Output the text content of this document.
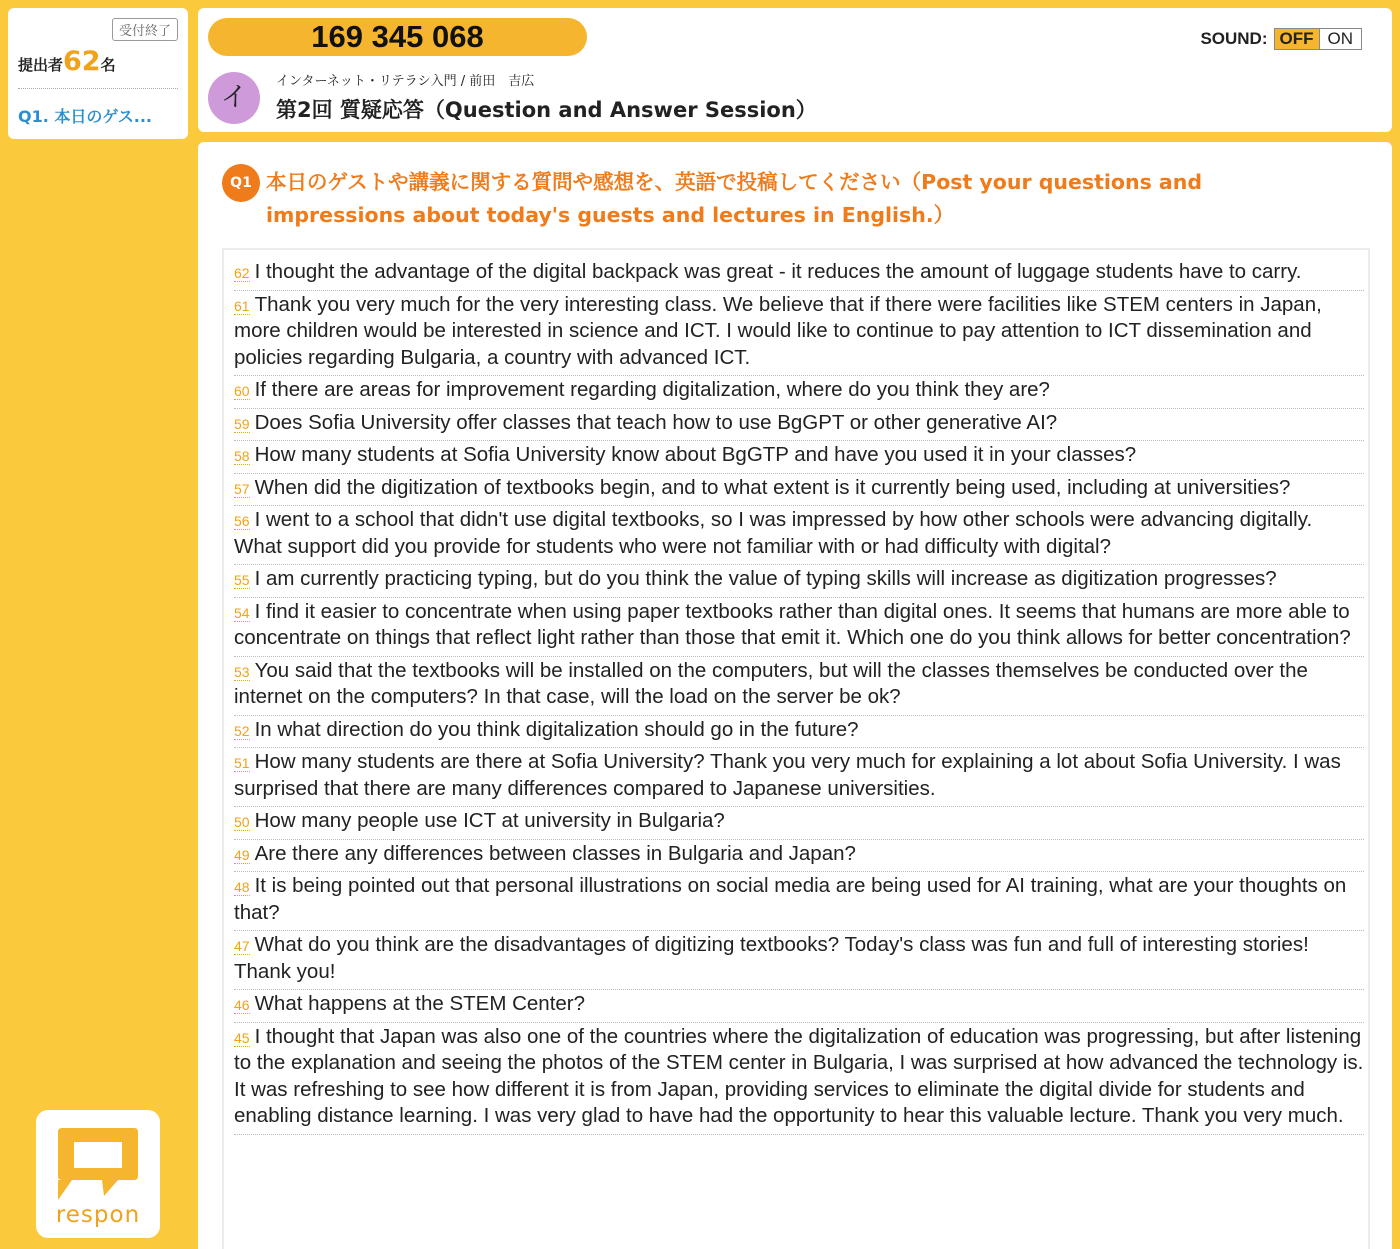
受付終了
提出者62名
Q1. 本日のゲス...
respon
169 345 068	SOUND: OFF ON
イ
インターネット・リテラシ入門 / 前田　吉広
第2回 質疑応答（Question and Answer Session）
Q1 本日のゲストや講義に関する質問や感想を、英語で投稿してください（Post your questions and impressions about today's guests and lectures in English.）
62 I thought the advantage of the digital backpack was great - it reduces the amount of luggage students have to carry.
61 Thank you very much for the very interesting class. We believe that if there were facilities like STEM centers in Japan, more children would be interested in science and ICT. I would like to continue to pay attention to ICT dissemination and policies regarding Bulgaria, a country with advanced ICT.
60 If there are areas for improvement regarding digitalization, where do you think they are?
59 Does Sofia University offer classes that teach how to use BgGPT or other generative AI?
58 How many students at Sofia University know about BgGTP and have you used it in your classes?
57 When did the digitization of textbooks begin, and to what extent is it currently being used, including at universities?
56 I went to a school that didn't use digital textbooks, so I was impressed by how other schools were advancing digitally. What support did you provide for students who were not familiar with or had difficulty with digital?
55 I am currently practicing typing, but do you think the value of typing skills will increase as digitization progresses?
54 I find it easier to concentrate when using paper textbooks rather than digital ones. It seems that humans are more able to concentrate on things that reflect light rather than those that emit it. Which one do you think allows for better concentration?
53 You said that the textbooks will be installed on the computers, but will the classes themselves be conducted over the internet on the computers? In that case, will the load on the server be ok?
52 In what direction do you think digitalization should go in the future?
51 How many students are there at Sofia University? Thank you very much for explaining a lot about Sofia University. I was surprised that there are many differences compared to Japanese universities.
50 How many people use ICT at university in Bulgaria?
49 Are there any differences between classes in Bulgaria and Japan?
48 It is being pointed out that personal illustrations on social media are being used for AI training, what are your thoughts on that?
47 What do you think are the disadvantages of digitizing textbooks? Today's class was fun and full of interesting stories! Thank you!
46 What happens at the STEM Center?
45 I thought that Japan was also one of the countries where the digitalization of education was progressing, but after listening to the explanation and seeing the photos of the STEM center in Bulgaria, I was surprised at how advanced the technology is. It was refreshing to see how different it is from Japan, providing services to eliminate the digital divide for students and enabling distance learning. I was very glad to have had the opportunity to hear this valuable lecture. Thank you very much.
